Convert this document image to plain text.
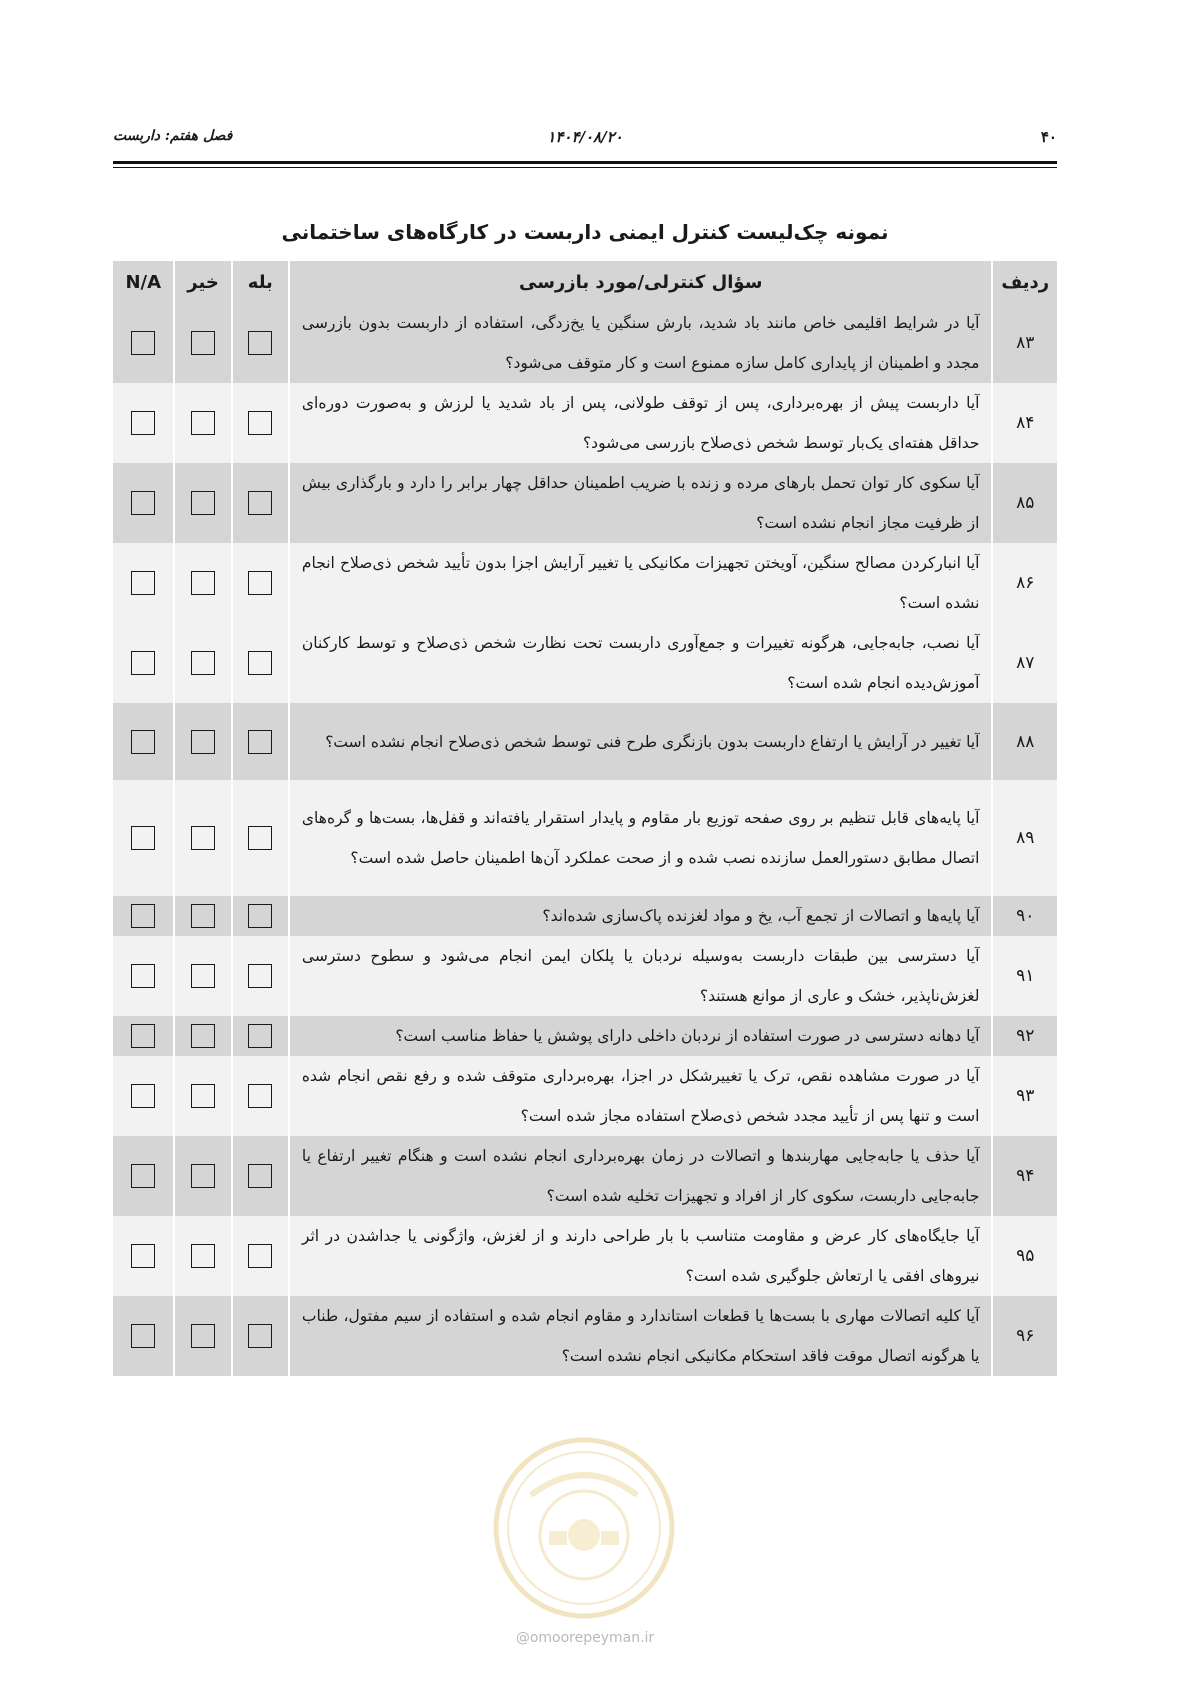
۴۰
۱۴۰۴/۰۸/۲۰
فصل هفتم: داربست
نمونه چک‌لیست کنترل ایمنی داربست در کارگاه‌های ساختمانی
ردیف	سؤال کنترلی/مورد بازرسی	بله	خیر	N/A
۸۳	آیا در شرایط اقلیمی خاص مانند باد شدید، بارش سنگین یا یخ‌زدگی، استفاده از داربست بدون بازرسی مجدد و اطمینان از پایداری کامل سازه ممنوع است و کار متوقف می‌شود؟			
۸۴	آیا داربست پیش از بهره‌برداری، پس از توقف طولانی، پس از باد شدید یا لرزش و به‌صورت دوره‌ای حداقل هفته‌ای یک‌بار توسط شخص ذی‌صلاح بازرسی می‌شود؟			
۸۵	آیا سکوی کار توان تحمل بارهای مرده و زنده با ضریب اطمینان حداقل چهار برابر را دارد و بارگذاری بیش از ظرفیت مجاز انجام نشده است؟			
۸۶	آیا انبارکردن مصالح سنگین، آویختن تجهیزات مکانیکی یا تغییر آرایش اجزا بدون تأیید شخص ذی‌صلاح انجام نشده است؟			
۸۷	آیا نصب، جابه‌جایی، هرگونه تغییرات و جمع‌آوری داربست تحت نظارت شخص ذی‌صلاح و توسط کارکنان آموزش‌دیده انجام شده است؟			
۸۸	آیا تغییر در آرایش یا ارتفاع داربست بدون بازنگری طرح فنی توسط شخص ذی‌صلاح انجام نشده است؟			
۸۹	آیا پایه‌های قابل تنظیم بر روی صفحه توزیع بار مقاوم و پایدار استقرار یافته‌اند و قفل‌ها، بست‌ها و گره‌های اتصال مطابق دستورالعمل سازنده نصب شده و از صحت عملکرد آن‌ها اطمینان حاصل شده است؟			
۹۰	آیا پایه‌ها و اتصالات از تجمع آب، یخ و مواد لغزنده پاک‌سازی شده‌اند؟			
۹۱	آیا دسترسی بین طبقات داربست به‌وسیله نردبان یا پلکان ایمن انجام می‌شود و سطوح دسترسی لغزش‌ناپذیر، خشک و عاری از موانع هستند؟			
۹۲	آیا دهانه دسترسی در صورت استفاده از نردبان داخلی دارای پوشش یا حفاظ مناسب است؟			
۹۳	آیا در صورت مشاهده نقص، ترک یا تغییرشکل در اجزا، بهره‌برداری متوقف شده و رفع نقص انجام شده است و تنها پس از تأیید مجدد شخص ذی‌صلاح استفاده مجاز شده است؟			
۹۴	آیا حذف یا جابه‌جایی مهاربندها و اتصالات در زمان بهره‌برداری انجام نشده است و هنگام تغییر ارتفاع یا جابه‌جایی داربست، سکوی کار از افراد و تجهیزات تخلیه شده است؟			
۹۵	آیا جایگاه‌های کار عرض و مقاومت متناسب با بار طراحی دارند و از لغزش، واژگونی یا جداشدن در اثر نیروهای افقی یا ارتعاش جلوگیری شده است؟			
۹۶	آیا کلیه اتصالات مهاری با بست‌ها یا قطعات استاندارد و مقاوم انجام شده و استفاده از سیم مفتول، طناب یا هرگونه اتصال موقت فاقد استحکام مکانیکی انجام نشده است؟			
@omoorepeyman.ir
